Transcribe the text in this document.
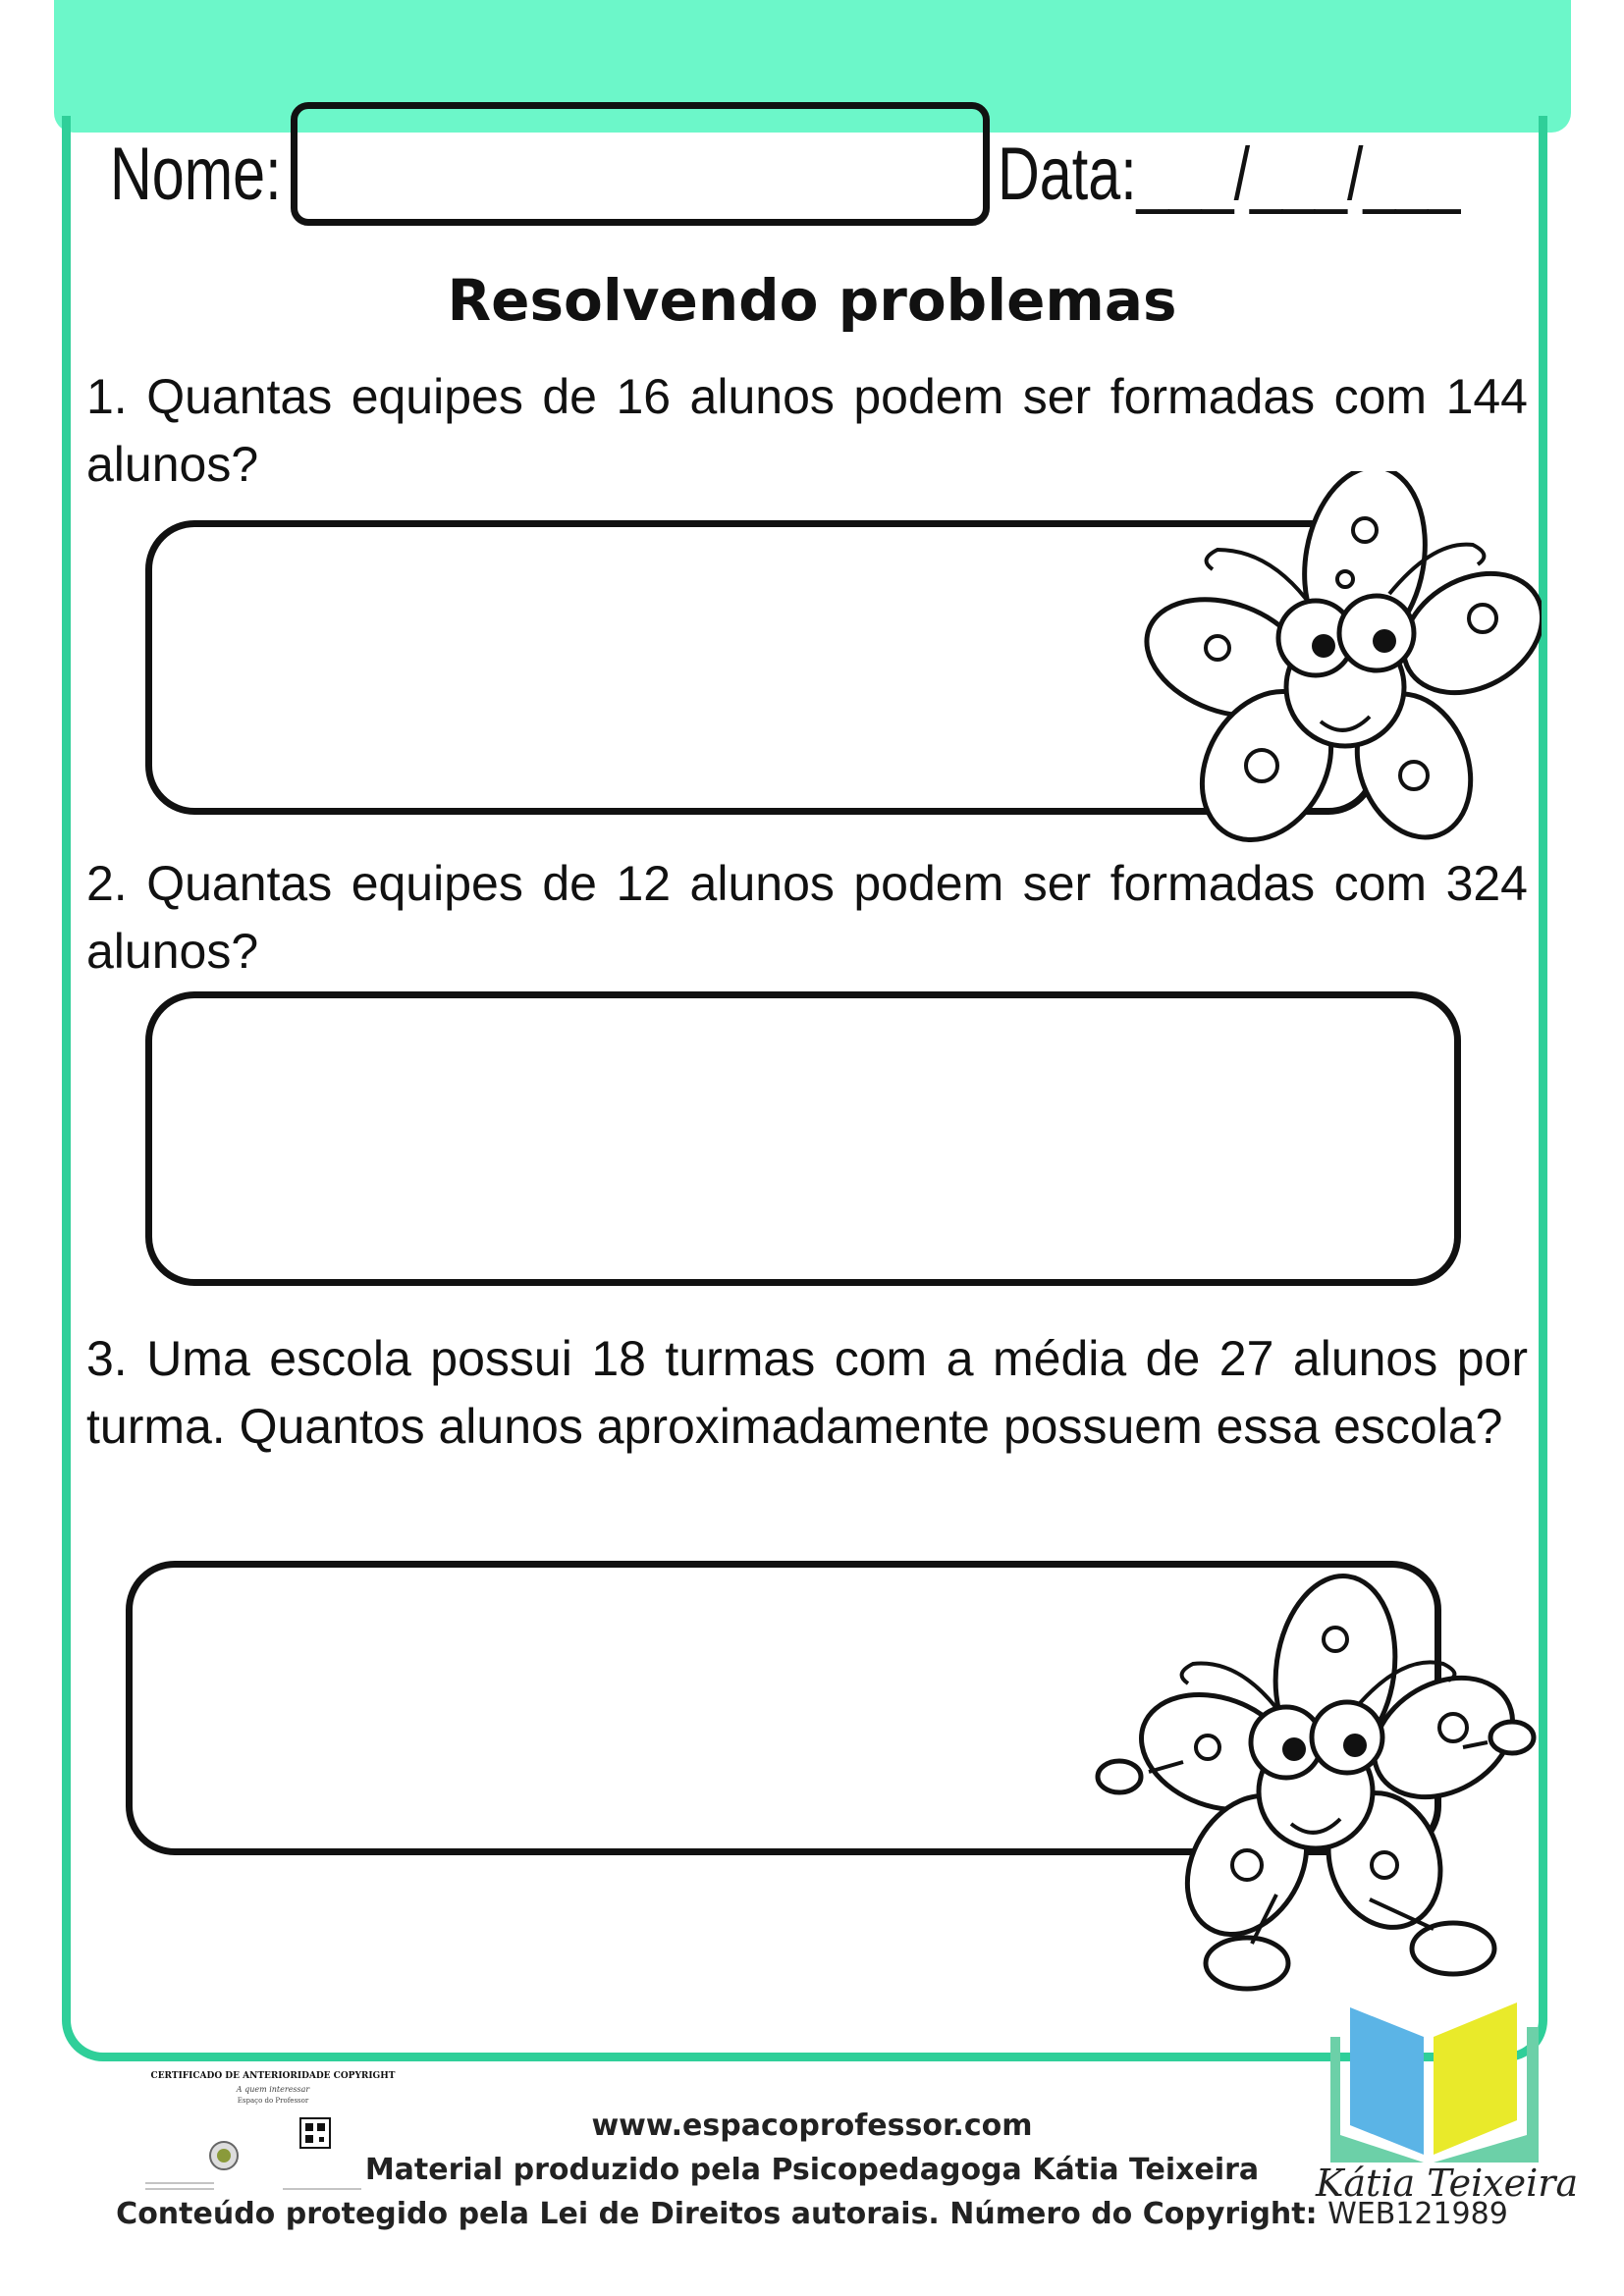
Nome:	Data:___/___/___
Resolvendo problemas
1. Quantas equipes de 16 alunos podem ser formadas com 144 alunos?
2. Quantas equipes de 12 alunos podem ser formadas com 324 alunos?
3. Uma escola possui 18 turmas com a média de 27 alunos por turma. Quantos alunos aproximadamente possuem essa escola?
CERTIFICADO DE ANTERIORIDADE COPYRIGHT
A quem interessar
Espaço do Professor
www.espacoprofessor.com
Material produzido pela Psicopedagoga Kátia Teixeira
Conteúdo protegido pela Lei de Direitos autorais. Número do Copyright: WEB121989
Kátia Teixeira
